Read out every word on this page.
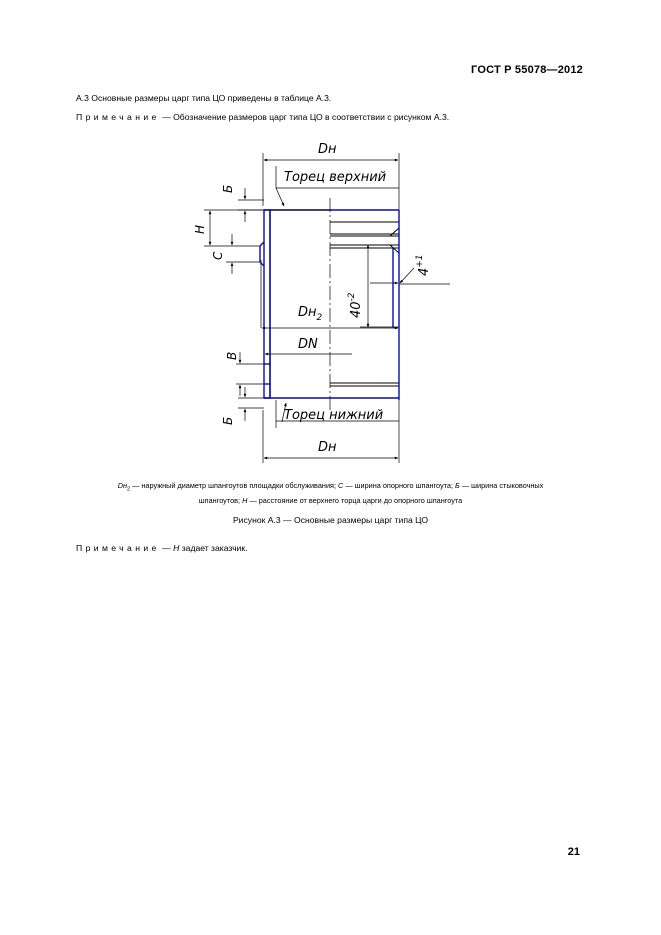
ГОСТ Р 55078—2012
А.3 Основные размеры царг типа ЦО приведены в таблице А.3.
Примечание — Обозначение размеров царг типа ЦО в соответствии с рисунком А.3.
Dн
Торец верхний
Б
Н
С
$Dн_2$ $40^{-2}$
$4^{+1}$
DN
В
Б	Торец нижний
Dн
$Dн_2$ — наружный диаметр шпангоутов площадки обслуживания; С — ширина опорного шпангоута; Б — ширина стыковочных
шпангоутов; Н — расстояние от верхнего торца царги до опорного шпангоута
Рисунок А.3 — Основные размеры царг типа ЦО
Примечание — Н задает заказчик.
21
